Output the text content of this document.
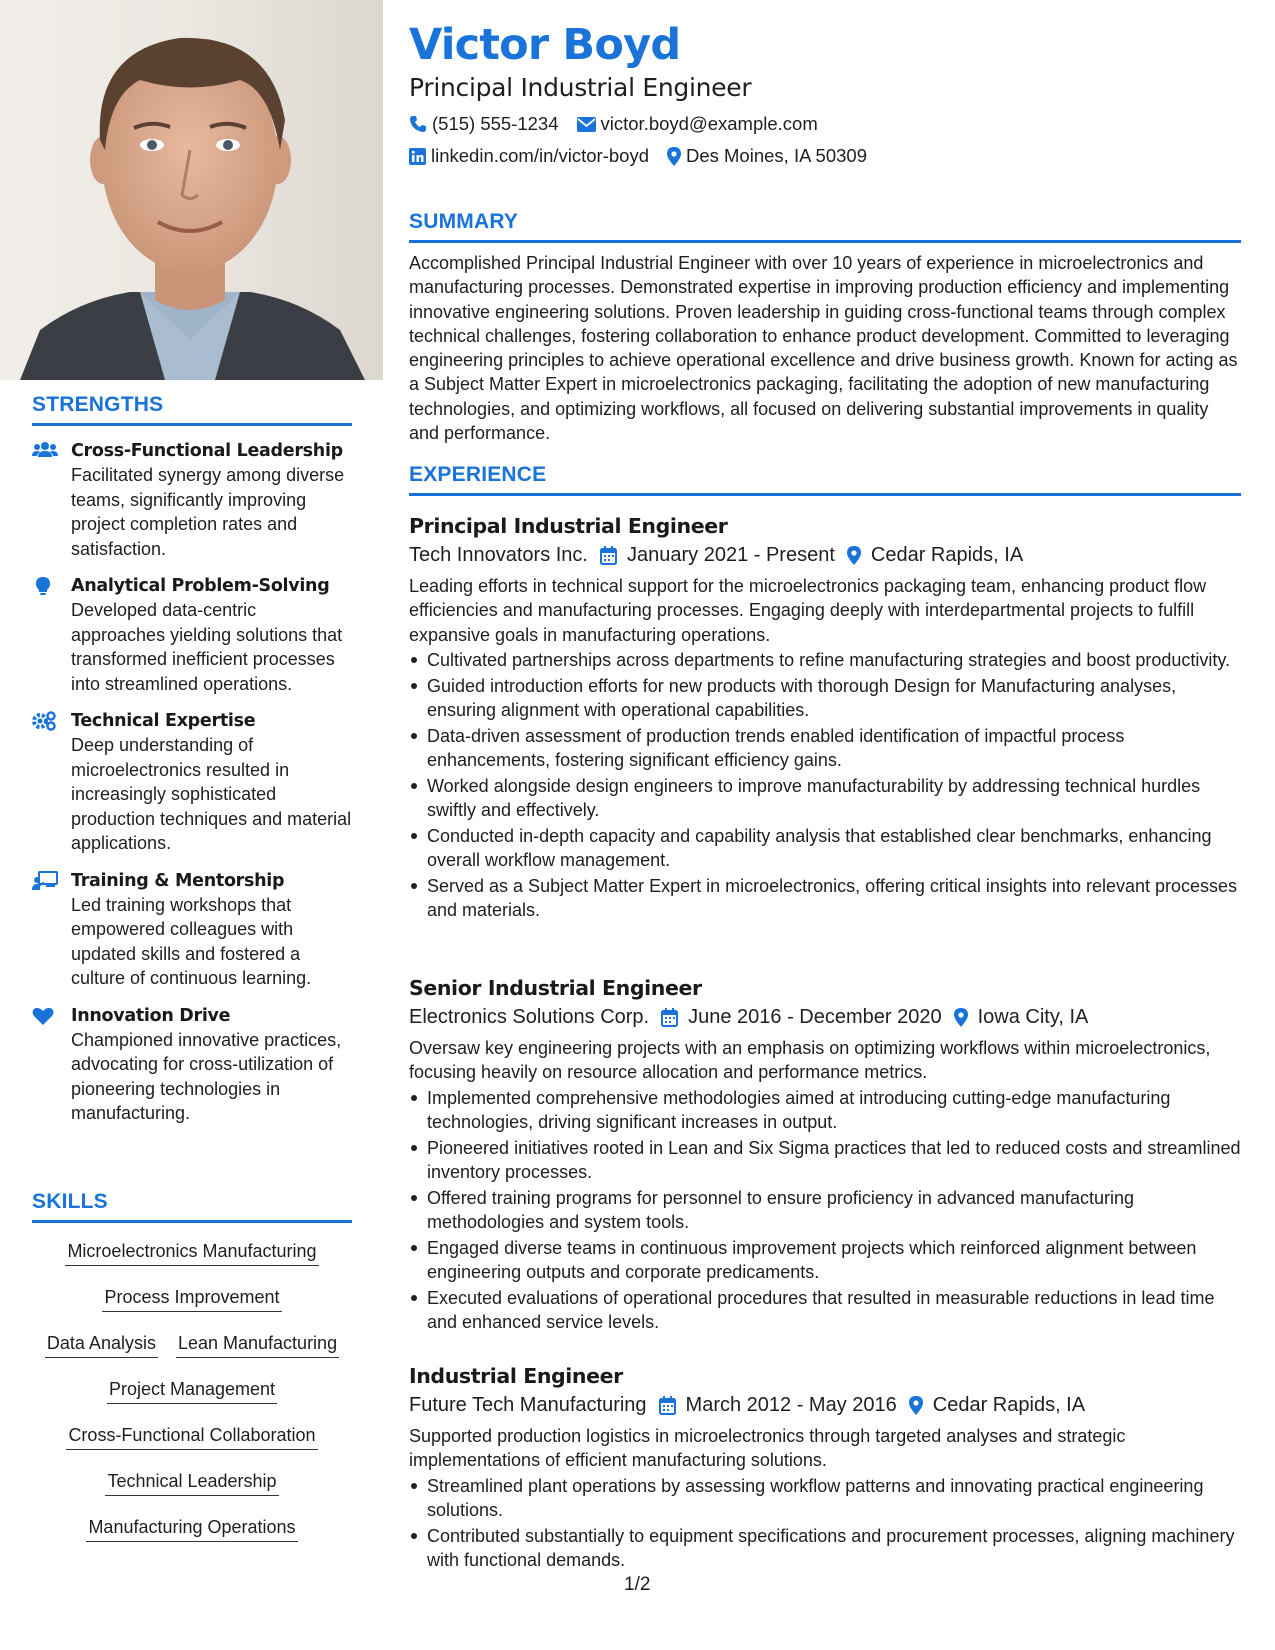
STRENGTHS
Cross-Functional Leadership
Facilitated synergy among diverse teams, significantly improving project completion rates and satisfaction.
Analytical Problem-Solving
Developed data-centric approaches yielding solutions that transformed inefficient processes into streamlined operations.
Technical Expertise
Deep understanding of microelectronics resulted in increasingly sophisticated production techniques and material applications.
Training & Mentorship
Led training workshops that empowered colleagues with updated skills and fostered a culture of continuous learning.
Innovation Drive
Championed innovative practices, advocating for cross-utilization of pioneering technologies in manufacturing.
SKILLS
Microelectronics Manufacturing
Process Improvement
Data Analysis Lean Manufacturing
Project Management
Cross-Functional Collaboration
Technical Leadership
Manufacturing Operations
Victor Boyd
Principal Industrial Engineer
(515) 555-1234 victor.boyd@example.com
linkedin.com/in/victor-boyd Des Moines, IA 50309
SUMMARY
Accomplished Principal Industrial Engineer with over 10 years of experience in microelectronics and manufacturing processes. Demonstrated expertise in improving production efficiency and implementing innovative engineering solutions. Proven leadership in guiding cross-functional teams through complex technical challenges, fostering collaboration to enhance product development. Committed to leveraging engineering principles to achieve operational excellence and drive business growth. Known for acting as a Subject Matter Expert in microelectronics packaging, facilitating the adoption of new manufacturing technologies, and optimizing workflows, all focused on delivering substantial improvements in quality and performance.
EXPERIENCE
Principal Industrial Engineer
Tech Innovators Inc. January 2021 - Present Cedar Rapids, IA
Leading efforts in technical support for the microelectronics packaging team, enhancing product flow efficiencies and manufacturing processes. Engaging deeply with interdepartmental projects to fulfill expansive goals in manufacturing operations.
Cultivated partnerships across departments to refine manufacturing strategies and boost productivity.
Guided introduction efforts for new products with thorough Design for Manufacturing analyses, ensuring alignment with operational capabilities.
Data-driven assessment of production trends enabled identification of impactful process enhancements, fostering significant efficiency gains.
Worked alongside design engineers to improve manufacturability by addressing technical hurdles swiftly and effectively.
Conducted in-depth capacity and capability analysis that established clear benchmarks, enhancing overall workflow management.
Served as a Subject Matter Expert in microelectronics, offering critical insights into relevant processes and materials.
Senior Industrial Engineer
Electronics Solutions Corp. June 2016 - December 2020 Iowa City, IA
Oversaw key engineering projects with an emphasis on optimizing workflows within microelectronics, focusing heavily on resource allocation and performance metrics.
Implemented comprehensive methodologies aimed at introducing cutting-edge manufacturing technologies, driving significant increases in output.
Pioneered initiatives rooted in Lean and Six Sigma practices that led to reduced costs and streamlined inventory processes.
Offered training programs for personnel to ensure proficiency in advanced manufacturing methodologies and system tools.
Engaged diverse teams in continuous improvement projects which reinforced alignment between engineering outputs and corporate predicaments.
Executed evaluations of operational procedures that resulted in measurable reductions in lead time and enhanced service levels.
Industrial Engineer
Future Tech Manufacturing March 2012 - May 2016 Cedar Rapids, IA
Supported production logistics in microelectronics through targeted analyses and strategic implementations of efficient manufacturing solutions.
Streamlined plant operations by assessing workflow patterns and innovating practical engineering solutions.
Contributed substantially to equipment specifications and procurement processes, aligning machinery with functional demands.
1/2
